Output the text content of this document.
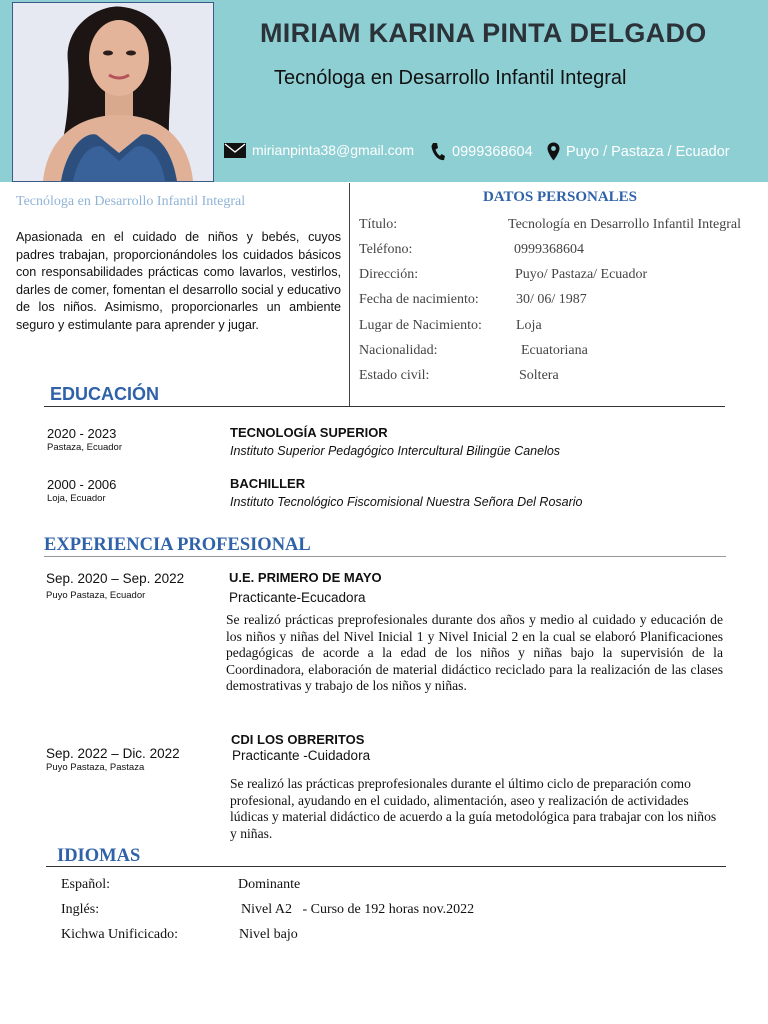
MIRIAM KARINA PINTA DELGADO
Tecnóloga en Desarrollo Infantil Integral
mirianpinta38@gmail.com	0999368604 Puyo / Pastaza / Ecuador
Tecnóloga en Desarrollo Infantil Integral
Apasionada en el cuidado de niños y bebés, cuyos padres trabajan, proporcionándoles los cuidados básicos con responsabilidades prácticas como lavarlos, vestirlos, darles de comer, fomentan el desarrollo social y educativo de los niños. Asimismo, proporcionarles un ambiente seguro y estimulante para aprender y jugar.
DATOS PERSONALES
Título:	Tecnología en Desarrollo Infantil Integral
Teléfono:	0999368604
Dirección:	Puyo/ Pastaza/ Ecuador
Fecha de nacimiento:	30/ 06/ 1987
Lugar de Nacimiento: Loja
Nacionalidad:	Ecuatoriana
Estado civil:	Soltera
EDUCACIÓN
2020 - 2023
Pastaza, Ecuador
TECNOLOGÍA SUPERIOR
Instituto Superior Pedagógico Intercultural Bilingüe Canelos
2000 - 2006
Loja, Ecuador
BACHILLER
Instituto Tecnológico Fiscomisional Nuestra Señora Del Rosario
EXPERIENCIA PROFESIONAL
Sep. 2020 – Sep. 2022
Puyo Pastaza, Ecuador
U.E. PRIMERO DE MAYO
Practicante-Ecucadora
Se realizó prácticas preprofesionales durante dos años y medio al cuidado y educación de los niños y niñas del Nivel Inicial 1 y Nivel Inicial 2 en la cual se elaboró Planificaciones pedagógicas de acorde a la edad de los niños y niñas bajo la supervisión de la Coordinadora, elaboración de material didáctico reciclado para la realización de las clases demostrativas y trabajo de los niños y niñas.
CDI LOS OBRERITOS
Practicante -Cuidadora
Sep. 2022 – Dic. 2022
Puyo Pastaza, Pastaza
Se realizó las prácticas preprofesionales durante el último ciclo de preparación como profesional, ayudando en el cuidado, alimentación, aseo y realización de actividades lúdicas y material didáctico de acuerdo a la guía metodológica para trabajar con los niños y niñas.
IDIOMAS
Español:	Dominante
Inglés:	Nivel A2   - Curso de 192 horas nov.2022
Kichwa Unificicado:	Nivel bajo
